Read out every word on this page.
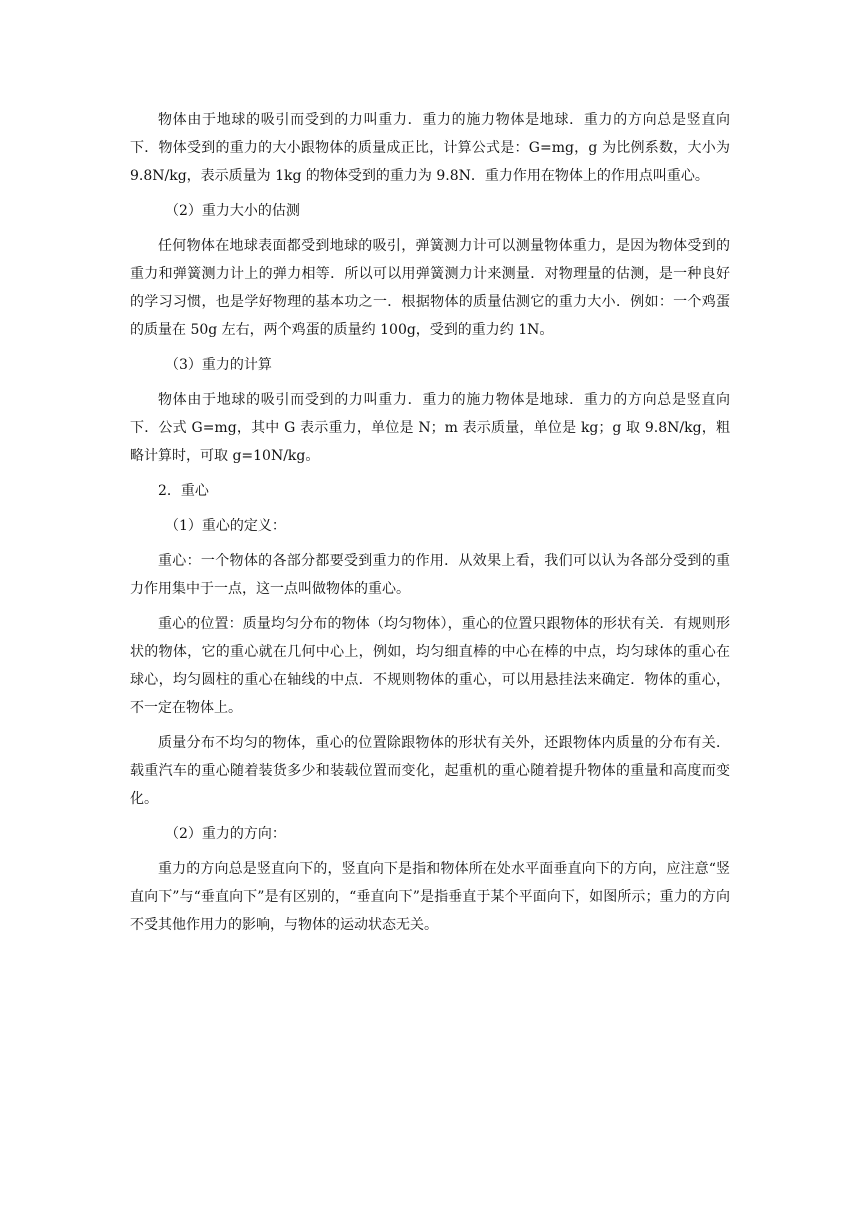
物体由于地球的吸引而受到的力叫重力．重力的施力物体是地球．重力的方向总是竖直向下．物体受到的重力的大小跟物体的质量成正比，计算公式是：G=mg，g 为比例系数，大小为 9.8N/kg，表示质量为 1kg 的物体受到的重力为 9.8N．重力作用在物体上的作用点叫重心。

（2）重力大小的估测

任何物体在地球表面都受到地球的吸引，弹簧测力计可以测量物体重力，是因为物体受到的重力和弹簧测力计上的弹力相等．所以可以用弹簧测力计来测量．对物理量的估测，是一种良好的学习习惯，也是学好物理的基本功之一．根据物体的质量估测它的重力大小．例如：一个鸡蛋的质量在 50g 左右，两个鸡蛋的质量约 100g，受到的重力约 1N。

（3）重力的计算

物体由于地球的吸引而受到的力叫重力．重力的施力物体是地球．重力的方向总是竖直向下．公式 G=mg，其中 G 表示重力，单位是 N；m 表示质量，单位是 kg；g 取 9.8N/kg，粗略计算时，可取 g=10N/kg。

2．重心

（1）重心的定义：

重心：一个物体的各部分都要受到重力的作用．从效果上看，我们可以认为各部分受到的重力作用集中于一点，这一点叫做物体的重心。

重心的位置：质量均匀分布的物体（均匀物体），重心的位置只跟物体的形状有关．有规则形状的物体，它的重心就在几何中心上，例如，均匀细直棒的中心在棒的中点，均匀球体的重心在球心，均匀圆柱的重心在轴线的中点．不规则物体的重心，可以用悬挂法来确定．物体的重心，不一定在物体上。

质量分布不均匀的物体，重心的位置除跟物体的形状有关外，还跟物体内质量的分布有关．载重汽车的重心随着装货多少和装载位置而变化，起重机的重心随着提升物体的重量和高度而变化。

（2）重力的方向：

重力的方向总是竖直向下的，竖直向下是指和物体所在处水平面垂直向下的方向，应注意“竖直向下”与“垂直向下”是有区别的，“垂直向下”是指垂直于某个平面向下，如图所示；重力的方向不受其他作用力的影响，与物体的运动状态无关。
